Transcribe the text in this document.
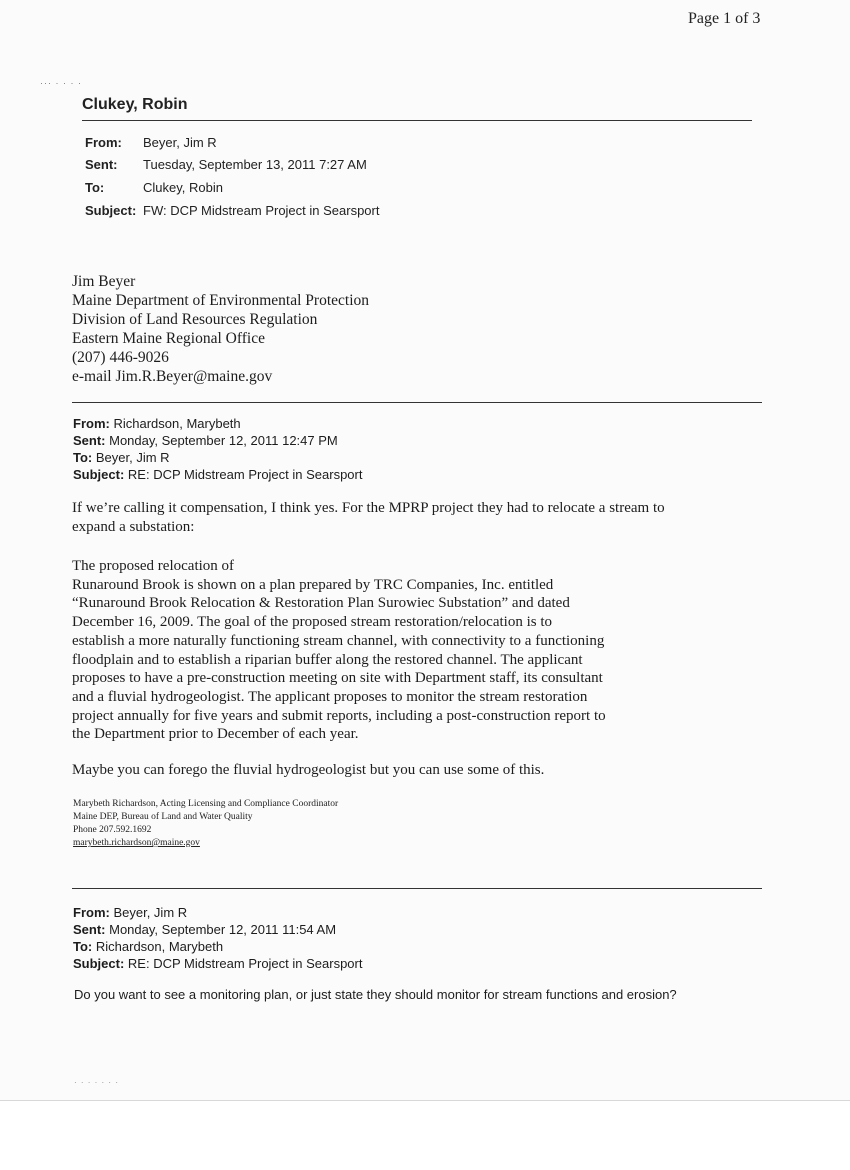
Page 1 of 3
··· · · · ·
Clukey, Robin
From: Beyer, Jim R
Sent: Tuesday, September 13, 2011 7:27 AM
To:	Clukey, Robin
Subject: FW: DCP Midstream Project in Searsport
Jim Beyer
Maine Department of Environmental Protection
Division of Land Resources Regulation
Eastern Maine Regional Office
(207) 446-9026
e-mail Jim.R.Beyer@maine.gov
From: Richardson, Marybeth
Sent: Monday, September 12, 2011 12:47 PM
To: Beyer, Jim R
Subject: RE: DCP Midstream Project in Searsport
If we’re calling it compensation, I think yes. For the MPRP project they had to relocate a stream to
expand a substation:
The proposed relocation of
Runaround Brook is shown on a plan prepared by TRC Companies, Inc. entitled
“Runaround Brook Relocation & Restoration Plan Surowiec Substation” and dated
December 16, 2009. The goal of the proposed stream restoration/relocation is to
establish a more naturally functioning stream channel, with connectivity to a functioning
floodplain and to establish a riparian buffer along the restored channel. The applicant
proposes to have a pre-construction meeting on site with Department staff, its consultant
and a fluvial hydrogeologist. The applicant proposes to monitor the stream restoration
project annually for five years and submit reports, including a post-construction report to
the Department prior to December of each year.
Maybe you can forego the fluvial hydrogeologist but you can use some of this.
Marybeth Richardson, Acting Licensing and Compliance Coordinator
Maine DEP, Bureau of Land and Water Quality
Phone 207.592.1692
marybeth.richardson@maine.gov
From: Beyer, Jim R
Sent: Monday, September 12, 2011 11:54 AM
To: Richardson, Marybeth
Subject: RE: DCP Midstream Project in Searsport
Do you want to see a monitoring plan, or just state they should monitor for stream functions and erosion?
· · · · · · ·
